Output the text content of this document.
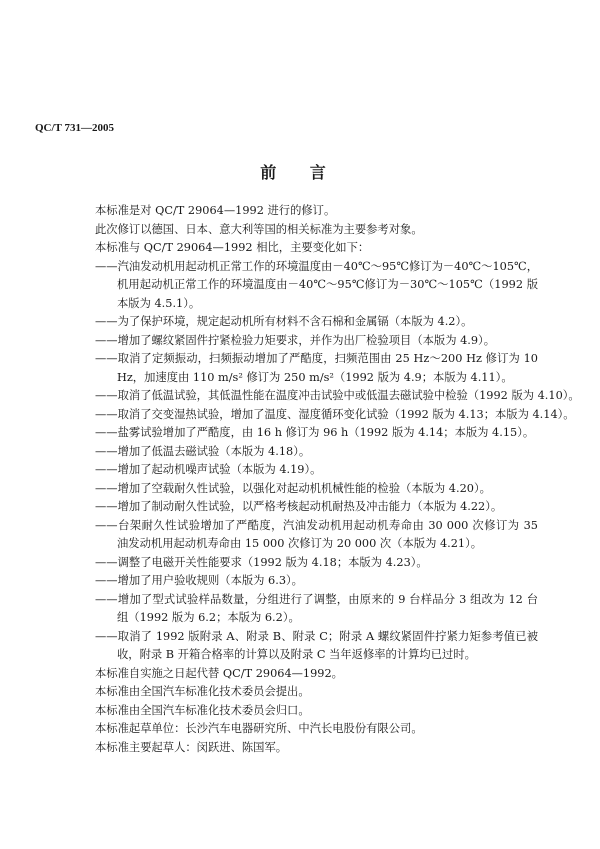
QC/T 731—2005
前 言
本标准是对 QC/T 29064—1992 进行的修订。
此次修订以德国、日本、意大利等国的相关标准为主要参考对象。
本标准与 QC/T 29064—1992 相比，主要变化如下：
——汽油发动机用起动机正常工作的环境温度由－40℃～95℃修订为－40℃～105℃，
机用起动机正常工作的环境温度由－40℃～95℃修订为－30℃～105℃（1992 版
本版为 4.5.1）。
——为了保护环境，规定起动机所有材料不含石棉和金属镉（本版为 4.2）。
——增加了螺纹紧固件拧紧检验力矩要求，并作为出厂检验项目（本版为 4.9）。
——取消了定频振动，扫频振动增加了严酷度，扫频范围由 25 Hz～200 Hz 修订为 10
Hz，加速度由 110 m/s² 修订为 250 m/s²（1992 版为 4.9；本版为 4.11）。
——取消了低温试验，其低温性能在温度冲击试验中或低温去磁试验中检验（1992 版为 4.10）。
——取消了交变湿热试验，增加了温度、湿度循环变化试验（1992 版为 4.13；本版为 4.14）。
——盐雾试验增加了严酷度，由 16 h 修订为 96 h（1992 版为 4.14；本版为 4.15）。
——增加了低温去磁试验（本版为 4.18）。
——增加了起动机噪声试验（本版为 4.19）。
——增加了空载耐久性试验，以强化对起动机机械性能的检验（本版为 4.20）。
——增加了制动耐久性试验，以严格考核起动机耐热及冲击能力（本版为 4.22）。
——台架耐久性试验增加了严酷度，汽油发动机用起动机寿命由 30 000 次修订为 35
油发动机用起动机寿命由 15 000 次修订为 20 000 次（本版为 4.21）。
——调整了电磁开关性能要求（1992 版为 4.18；本版为 4.23）。
——增加了用户验收规则（本版为 6.3）。
——增加了型式试验样品数量，分组进行了调整，由原来的 9 台样品分 3 组改为 12 台
组（1992 版为 6.2；本版为 6.2）。
——取消了 1992 版附录 A、附录 B、附录 C；附录 A 螺纹紧固件拧紧力矩参考值已被
收，附录 B 开箱合格率的计算以及附录 C 当年返修率的计算均已过时。
本标准自实施之日起代替 QC/T 29064—1992。
本标准由全国汽车标准化技术委员会提出。
本标准由全国汽车标准化技术委员会归口。
本标准起草单位：长沙汽车电器研究所、中汽长电股份有限公司。
本标准主要起草人：闵跃进、陈国军。
